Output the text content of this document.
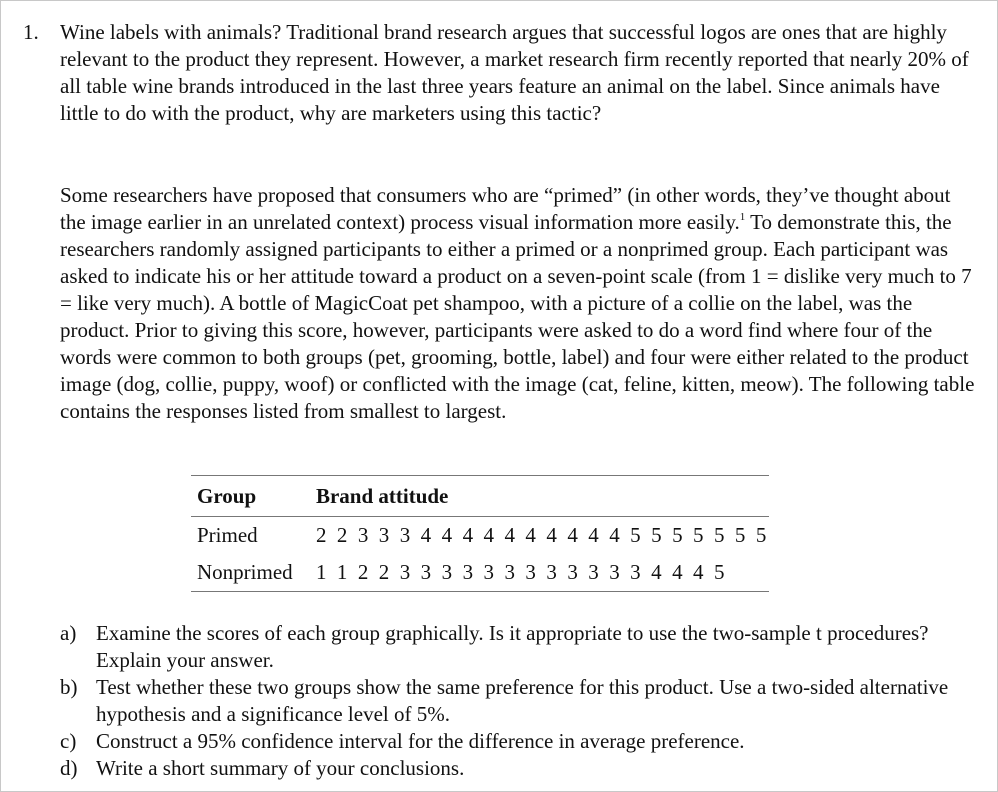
1.	Wine labels with animals? Traditional brand research argues that successful logos are ones that are highly relevant to the product they represent. However, a market research firm recently reported that nearly 20% of all table wine brands introduced in the last three years feature an animal on the label. Since animals have little to do with the product, why are marketers using this tactic?

Some researchers have proposed that consumers who are “primed” (in other words, they’ve thought about the image earlier in an unrelated context) process visual information more easily.$^1$ To demonstrate this, the researchers randomly assigned participants to either a primed or a nonprimed group. Each participant was asked to indicate his or her attitude toward a product on a seven-point scale (from 1 = dislike very much to 7 = like very much). A bottle of MagicCoat pet shampoo, with a picture of a collie on the label, was the product. Prior to giving this score, however, participants were asked to do a word find where four of the words were common to both groups (pet, grooming, bottle, label) and four were either related to the product image (dog, collie, puppy, woof) or conflicted with the image (cat, feline, kitten, meow). The following table contains the responses listed from smallest to largest.

Group	Brand attitude
Primed	2 2 3 3 3 4 4 4 4 4 4 4 4 4 4 5 5 5 5 5 5 5
Nonprimed	1 1 2 2 3 3 3 3 3 3 3 3 3 3 3 3 4 4 4 5
a) Examine the scores of each group graphically. Is it appropriate to use the two-sample t procedures? Explain your answer.
b) Test whether these two groups show the same preference for this product. Use a two-sided alternative hypothesis and a significance level of 5%.
c) Construct a 95% confidence interval for the difference in average preference.
d) Write a short summary of your conclusions.
